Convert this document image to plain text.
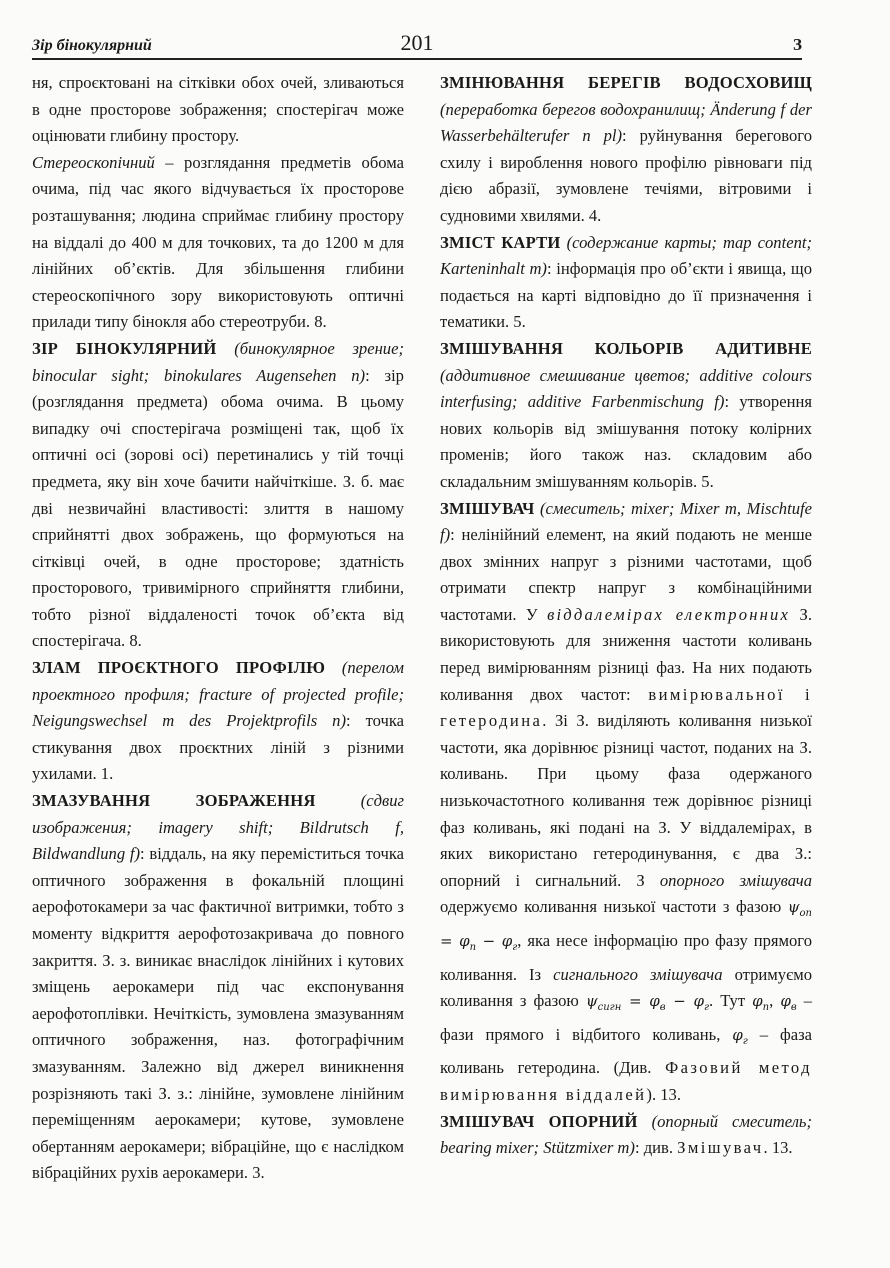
Зір бінокулярний	201	З

ня, спроєктовані на сітківки обох очей, зливаються в одне просторове зображення; спостерігач може оцінювати глибину простору.

Стереоскопічний – розглядання предметів обома очима, під час якого відчувається їх просторове розташування; людина сприймає глибину простору на віддалі до 400 м для точкових, та до 1200 м для лінійних об’єктів. Для збільшення глибини стереоскопічного зору використовують оптичні прилади типу бінокля або стереотруби. 8.

ЗІР БІНОКУЛЯРНИЙ (бинокулярное зрение; binocular sight; binokulares Augensehen n): зір (розглядання предмета) обома очима. В цьому випадку очі спостерігача розміщені так, щоб їх оптичні осі (зорові осі) перетинались у тій точці предмета, яку він хоче бачити найчіткіше. З. б. має дві незвичайні властивості: злиття в нашому сприйнятті двох зображень, що формуються на сітківці очей, в одне просторове; здатність просторового, тривимірного сприйняття глибини, тобто різної віддаленості точок об’єкта від спостерігача. 8.

ЗЛАМ ПРОЄКТНОГО ПРОФІЛЮ (перелом проектного профиля; fracture of projected profile; Neigungswechsel m des Projektprofils n): точка стикування двох проєктних ліній з різними ухилами. 1.

ЗМАЗУВАННЯ ЗОБРАЖЕННЯ	(сдвиг изображения; imagery shift; Bildrutsch f, Bildwandlung f): віддаль, на яку переміститься точка оптичного зображення в фокальній площині аерофотокамери за час фактичної витримки, тобто з моменту відкриття аерофотозакривача до повного закриття. З. з. виникає внаслідок лінійних і кутових зміщень аерокамери під час експонування аерофотоплівки. Нечіткість, зумовлена змазуванням оптичного зображення, наз. фотографічним змазуванням. Залежно від джерел виникнення розрізняють такі З. з.: лінійне, зумовлене лінійним переміщенням аерокамери; кутове, зумовлене обертанням аерокамери; вібраційне, що є наслідком вібраційних рухів аерокамери. 3.

ЗМІНЮВАННЯ БЕРЕГІВ ВОДОСХОВИЩ (переработка берегов водохранилищ; Änderung f der Wasserbehälterufer n pl): руйнування берегового схилу і вироблення нового профілю рівноваги під дією абразії, зумовлене течіями, вітровими і судновими хвилями. 4.

ЗМІСТ КАРТИ (содержание карты; map content; Karteninhalt m): інформація про об’єкти і явища, що подається на карті відповідно до її призначення і тематики. 5.

ЗМІШУВАННЯ КОЛЬОРІВ АДИТИВНЕ (аддитивное смешивание цветов; additive colours interfusing; additive Farbenmischung f): утворення нових кольорів від змішування потоку колірних променів; його також наз. складовим або складальним змішуванням кольорів. 5.

ЗМІШУВАЧ (смеситель; mixer; Mixer m, Mischtufe f): нелінійний елемент, на який подають не менше двох змінних напруг з різними частотами, щоб отримати спектр напруг з комбінаційними частотами. У віддалемірах електронних З. використовують для зниження частоти коливань перед вимірюванням різниці фаз. На них подають коливання двох частот: вимірювальної і гетеродина. Зі З. виділяють коливання низької частоти, яка дорівнює різниці частот, поданих на З. коливань. При цьому фаза одержаного низькочастотного коливання теж дорівнює різниці фаз коливань, які подані на З. У віддалемірах, в яких використано гетеродинування, є два З.: опорний і сигнальний. З опорного змішувача одержуємо коливання низької частоти з фазою $\psi_{оп} = \varphi_п - \varphi_г$, яка несе інформацію про фазу прямого коливання. Із сигнального змішувача отримуємо коливання з фазою $\psi_{сигн} = \varphi_в - \varphi_г$. Тут $\varphi_п$, $\varphi_в$ – фази прямого і відбитого коливань, $\varphi_г$ – фаза коливань гетеродина. (Див. Фазовий метод вимірювання віддалей). 13.

ЗМІШУВАЧ ОПОРНИЙ (опорный смеситель; bearing mixer; Stützmixer m): див. Змішувач. 13.
